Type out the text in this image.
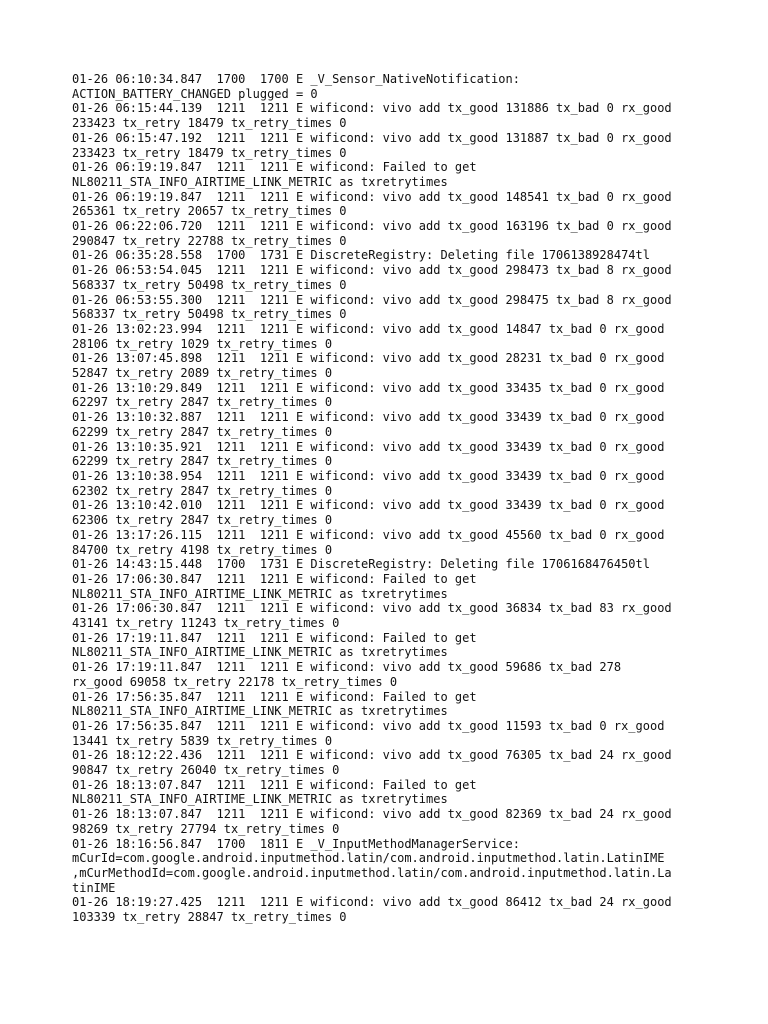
01-26 06:10:34.847  1700  1700 E _V_Sensor_NativeNotification:
ACTION_BATTERY_CHANGED plugged = 0
01-26 06:15:44.139  1211  1211 E wificond: vivo add tx_good 131886 tx_bad 0 rx_good
233423 tx_retry 18479 tx_retry_times 0
01-26 06:15:47.192  1211  1211 E wificond: vivo add tx_good 131887 tx_bad 0 rx_good
233423 tx_retry 18479 tx_retry_times 0
01-26 06:19:19.847  1211  1211 E wificond: Failed to get
NL80211_STA_INFO_AIRTIME_LINK_METRIC as txretrytimes
01-26 06:19:19.847  1211  1211 E wificond: vivo add tx_good 148541 tx_bad 0 rx_good
265361 tx_retry 20657 tx_retry_times 0
01-26 06:22:06.720  1211  1211 E wificond: vivo add tx_good 163196 tx_bad 0 rx_good
290847 tx_retry 22788 tx_retry_times 0
01-26 06:35:28.558  1700  1731 E DiscreteRegistry: Deleting file 1706138928474tl
01-26 06:53:54.045  1211  1211 E wificond: vivo add tx_good 298473 tx_bad 8 rx_good
568337 tx_retry 50498 tx_retry_times 0
01-26 06:53:55.300  1211  1211 E wificond: vivo add tx_good 298475 tx_bad 8 rx_good
568337 tx_retry 50498 tx_retry_times 0
01-26 13:02:23.994  1211  1211 E wificond: vivo add tx_good 14847 tx_bad 0 rx_good
28106 tx_retry 1029 tx_retry_times 0
01-26 13:07:45.898  1211  1211 E wificond: vivo add tx_good 28231 tx_bad 0 rx_good
52847 tx_retry 2089 tx_retry_times 0
01-26 13:10:29.849  1211  1211 E wificond: vivo add tx_good 33435 tx_bad 0 rx_good
62297 tx_retry 2847 tx_retry_times 0
01-26 13:10:32.887  1211  1211 E wificond: vivo add tx_good 33439 tx_bad 0 rx_good
62299 tx_retry 2847 tx_retry_times 0
01-26 13:10:35.921  1211  1211 E wificond: vivo add tx_good 33439 tx_bad 0 rx_good
62299 tx_retry 2847 tx_retry_times 0
01-26 13:10:38.954  1211  1211 E wificond: vivo add tx_good 33439 tx_bad 0 rx_good
62302 tx_retry 2847 tx_retry_times 0
01-26 13:10:42.010  1211  1211 E wificond: vivo add tx_good 33439 tx_bad 0 rx_good
62306 tx_retry 2847 tx_retry_times 0
01-26 13:17:26.115  1211  1211 E wificond: vivo add tx_good 45560 tx_bad 0 rx_good
84700 tx_retry 4198 tx_retry_times 0
01-26 14:43:15.448  1700  1731 E DiscreteRegistry: Deleting file 1706168476450tl
01-26 17:06:30.847  1211  1211 E wificond: Failed to get
NL80211_STA_INFO_AIRTIME_LINK_METRIC as txretrytimes
01-26 17:06:30.847  1211  1211 E wificond: vivo add tx_good 36834 tx_bad 83 rx_good
43141 tx_retry 11243 tx_retry_times 0
01-26 17:19:11.847  1211  1211 E wificond: Failed to get
NL80211_STA_INFO_AIRTIME_LINK_METRIC as txretrytimes
01-26 17:19:11.847  1211  1211 E wificond: vivo add tx_good 59686 tx_bad 278
rx_good 69058 tx_retry 22178 tx_retry_times 0
01-26 17:56:35.847  1211  1211 E wificond: Failed to get
NL80211_STA_INFO_AIRTIME_LINK_METRIC as txretrytimes
01-26 17:56:35.847  1211  1211 E wificond: vivo add tx_good 11593 tx_bad 0 rx_good
13441 tx_retry 5839 tx_retry_times 0
01-26 18:12:22.436  1211  1211 E wificond: vivo add tx_good 76305 tx_bad 24 rx_good
90847 tx_retry 26040 tx_retry_times 0
01-26 18:13:07.847  1211  1211 E wificond: Failed to get
NL80211_STA_INFO_AIRTIME_LINK_METRIC as txretrytimes
01-26 18:13:07.847  1211  1211 E wificond: vivo add tx_good 82369 tx_bad 24 rx_good
98269 tx_retry 27794 tx_retry_times 0
01-26 18:16:56.847  1700  1811 E _V_InputMethodManagerService:
mCurId=com.google.android.inputmethod.latin/com.android.inputmethod.latin.LatinIME
,mCurMethodId=com.google.android.inputmethod.latin/com.android.inputmethod.latin.La
tinIME
01-26 18:19:27.425  1211  1211 E wificond: vivo add tx_good 86412 tx_bad 24 rx_good
103339 tx_retry 28847 tx_retry_times 0
